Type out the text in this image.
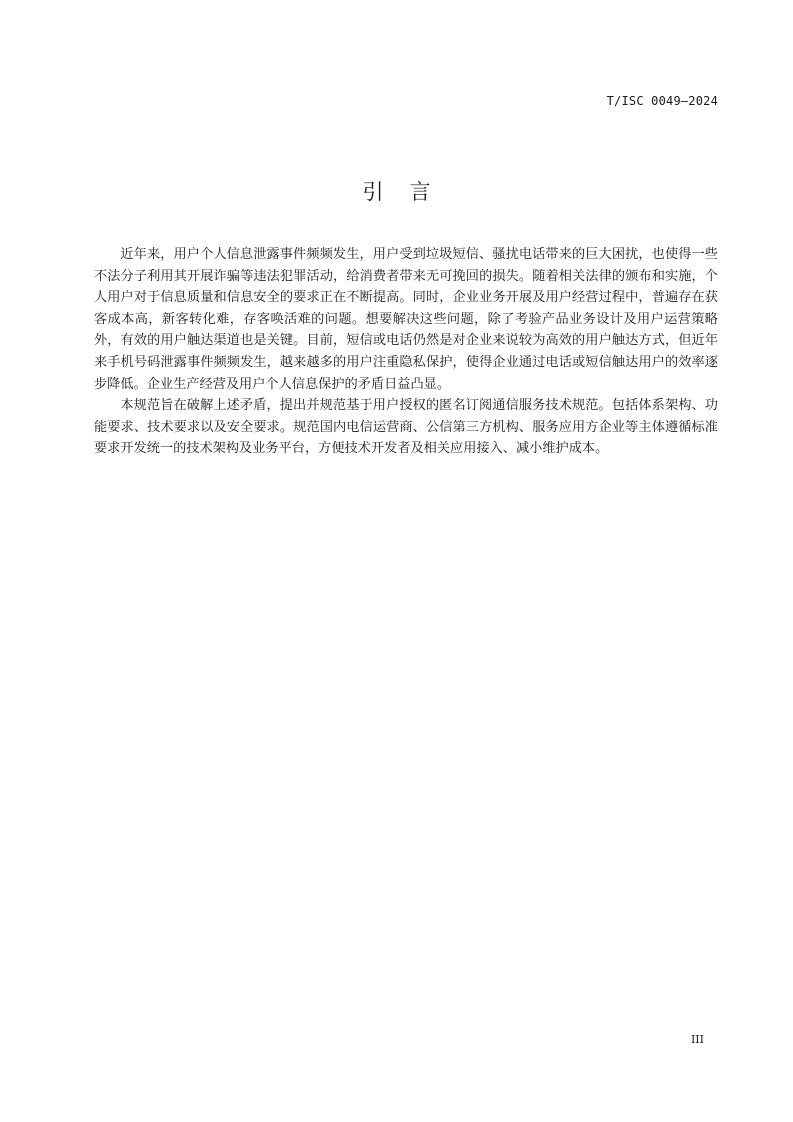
T/ISC 0049—2024
引言

近年来，用户个人信息泄露事件频频发生，用户受到垃圾短信、骚扰电话带来的巨大困扰，也使得一些不法分子利用其开展诈骗等违法犯罪活动，给消费者带来无可挽回的损失。随着相关法律的颁布和实施，个人用户对于信息质量和信息安全的要求正在不断提高。同时，企业业务开展及用户经营过程中，普遍存在获客成本高，新客转化难，存客唤活难的问题。想要解决这些问题，除了考验产品业务设计及用户运营策略外，有效的用户触达渠道也是关键。目前，短信或电话仍然是对企业来说较为高效的用户触达方式，但近年来手机号码泄露事件频频发生，越来越多的用户注重隐私保护，使得企业通过电话或短信触达用户的效率逐步降低。企业生产经营及用户个人信息保护的矛盾日益凸显。

本规范旨在破解上述矛盾，提出并规范基于用户授权的匿名订阅通信服务技术规范。包括体系架构、功能要求、技术要求以及安全要求。规范国内电信运营商、公信第三方机构、服务应用方企业等主体遵循标准要求开发统一的技术架构及业务平台，方便技术开发者及相关应用接入、减小维护成本。

III
